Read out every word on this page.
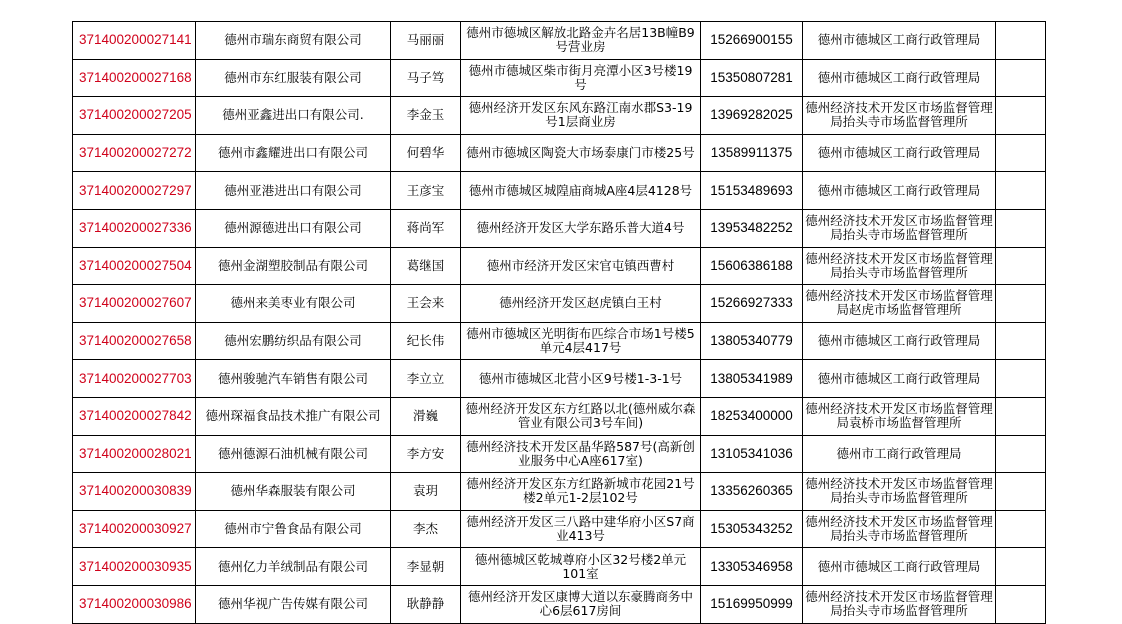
371400200027141	德州市瑞东商贸有限公司	马丽丽	德州市德城区解放北路金卉名居13B幢B9号营业房	15266900155	德州市德城区工商行政管理局	
371400200027168	德州市东红服装有限公司	马子笃	德州市德城区柴市街月亮潭小区3号楼19号	15350807281	德州市德城区工商行政管理局	
371400200027205	德州亚鑫进出口有限公司.	李金玉	德州经济开发区东风东路江南水郡S3-19号1层商业房	13969282025	德州经济技术开发区市场监督管理局抬头寺市场监督管理所	
371400200027272	德州市鑫耀进出口有限公司	何碧华	德州市德城区陶瓷大市场泰康门市楼25号	13589911375	德州市德城区工商行政管理局	
371400200027297	德州亚港进出口有限公司	王彦宝	德州市德城区城隍庙商城A座4层4128号	15153489693	德州市德城区工商行政管理局	
371400200027336	德州源德进出口有限公司	蒋尚军	德州经济开发区大学东路乐普大道4号	13953482252	德州经济技术开发区市场监督管理局抬头寺市场监督管理所	
371400200027504	德州金湖塑胶制品有限公司	葛继国	德州市经济开发区宋官屯镇西曹村	15606386188	德州经济技术开发区市场监督管理局抬头寺市场监督管理所	
371400200027607	德州来美枣业有限公司	王会来	德州经济开发区赵虎镇白王村	15266927333	德州经济技术开发区市场监督管理局赵虎市场监督管理所	
371400200027658	德州宏鹏纺织品有限公司	纪长伟	德州市德城区光明街布匹综合市场1号楼5单元4层417号	13805340779	德州市德城区工商行政管理局	
371400200027703	德州骏驰汽车销售有限公司	李立立	德州市德城区北营小区9号楼1-3-1号	13805341989	德州市德城区工商行政管理局	
371400200027842	德州琛福食品技术推广有限公司	滑巍	德州经济开发区东方红路以北(德州威尔森管业有限公司3号车间)	18253400000	德州经济技术开发区市场监督管理局袁桥市场监督管理所	
371400200028021	德州德源石油机械有限公司	李方安	德州经济技术开发区晶华路587号(高新创业服务中心A座617室)	13105341036	德州市工商行政管理局	
371400200030839	德州华森服装有限公司	袁玥	德州经济开发区东方红路新城市花园21号楼2单元1-2层102号	13356260365	德州经济技术开发区市场监督管理局抬头寺市场监督管理所	
371400200030927	德州市宁鲁食品有限公司	李杰	德州经济开发区三八路中建华府小区S7商业413号	15305343252	德州经济技术开发区市场监督管理局抬头寺市场监督管理所	
371400200030935	德州亿力羊绒制品有限公司	李显朝	德州德城区乾城尊府小区32号楼2单元101室	13305346958	德州市德城区工商行政管理局	
371400200030986	德州华视广告传媒有限公司	耿静静	德州经济开发区康博大道以东豪腾商务中心6层617房间	15169950999	德州经济技术开发区市场监督管理局抬头寺市场监督管理所	
